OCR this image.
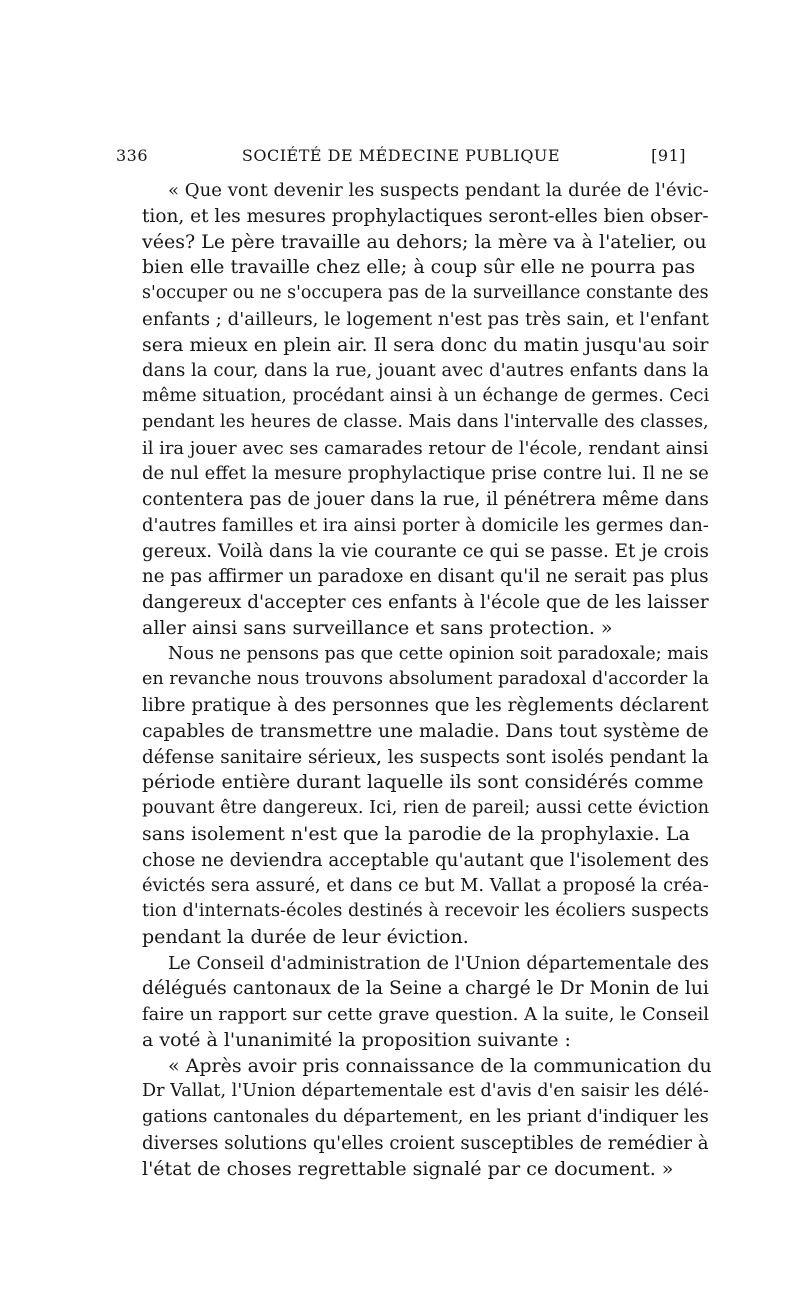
336	SOCIÉTÉ DE MÉDECINE PUBLIQUE	[91]
« Que vont devenir les suspects pendant la durée de l'évic-
tion, et les mesures prophylactiques seront-elles bien obser-
vées? Le père travaille au dehors; la mère va à l'atelier, ou
bien elle travaille chez elle; à coup sûr elle ne pourra pas
s'occuper ou ne s'occupera pas de la surveillance constante des
enfants ; d'ailleurs, le logement n'est pas très sain, et l'enfant
sera mieux en plein air. Il sera donc du matin jusqu'au soir
dans la cour, dans la rue, jouant avec d'autres enfants dans la
même situation, procédant ainsi à un échange de germes. Ceci
pendant les heures de classe. Mais dans l'intervalle des classes,
il ira jouer avec ses camarades retour de l'école, rendant ainsi
de nul effet la mesure prophylactique prise contre lui. Il ne se
contentera pas de jouer dans la rue, il pénétrera même dans
d'autres familles et ira ainsi porter à domicile les germes dan-
gereux. Voilà dans la vie courante ce qui se passe. Et je crois
ne pas affirmer un paradoxe en disant qu'il ne serait pas plus
dangereux d'accepter ces enfants à l'école que de les laisser
aller ainsi sans surveillance et sans protection. »
Nous ne pensons pas que cette opinion soit paradoxale; mais
en revanche nous trouvons absolument paradoxal d'accorder la
libre pratique à des personnes que les règlements déclarent
capables de transmettre une maladie. Dans tout système de
défense sanitaire sérieux, les suspects sont isolés pendant la
période entière durant laquelle ils sont considérés comme
pouvant être dangereux. Ici, rien de pareil; aussi cette éviction
sans isolement n'est que la parodie de la prophylaxie. La
chose ne deviendra acceptable qu'autant que l'isolement des
évictés sera assuré, et dans ce but M. Vallat a proposé la créa-
tion d'internats-écoles destinés à recevoir les écoliers suspects
pendant la durée de leur éviction.
Le Conseil d'administration de l'Union départementale des
délégués cantonaux de la Seine a chargé le Dr Monin de lui
faire un rapport sur cette grave question. A la suite, le Conseil
a voté à l'unanimité la proposition suivante :
« Après avoir pris connaissance de la communication du
Dr Vallat, l'Union départementale est d'avis d'en saisir les délé-
gations cantonales du département, en les priant d'indiquer les
diverses solutions qu'elles croient susceptibles de remédier à
l'état de choses regrettable signalé par ce document. »
